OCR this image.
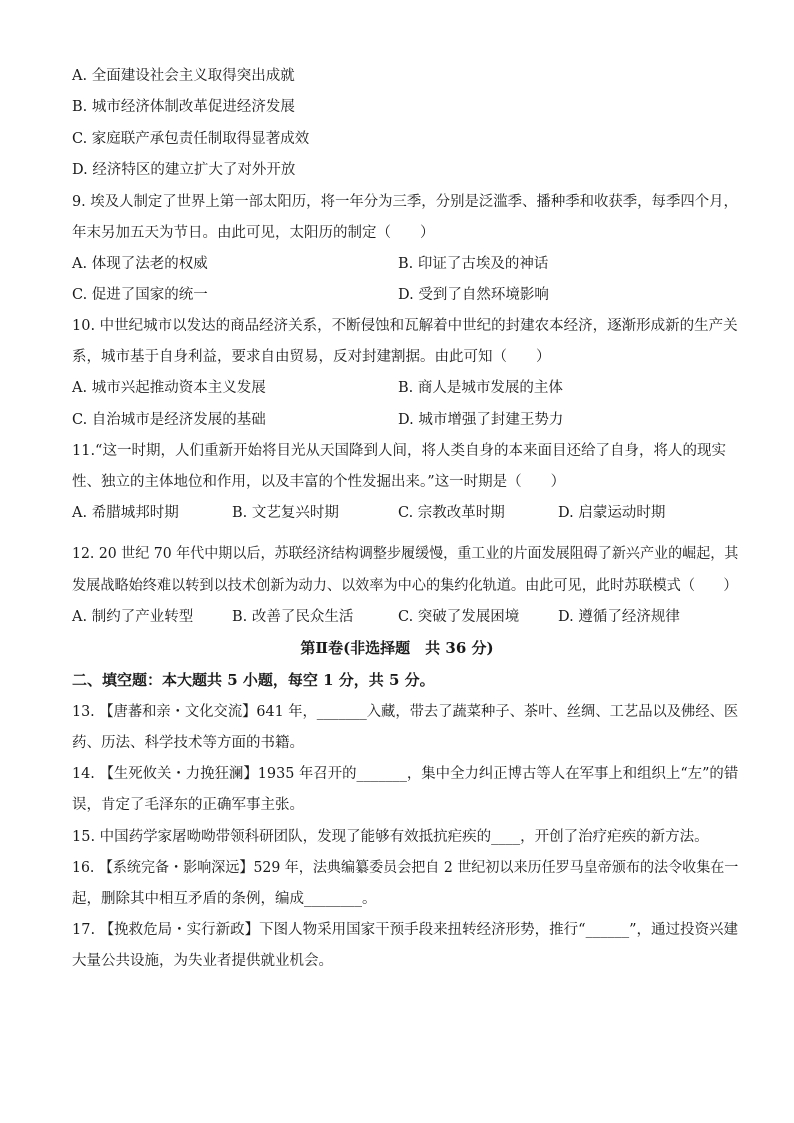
A. 全面建设社会主义取得突出成就
B. 城市经济体制改革促进经济发展
C. 家庭联产承包责任制取得显著成效
D. 经济特区的建立扩大了对外开放
9. 埃及人制定了世界上第一部太阳历，将一年分为三季，分别是泛滥季、播种季和收获季，每季四个月，
年末另加五天为节日。由此可见，太阳历的制定（　　）
A. 体现了法老的权威	B. 印证了古埃及的神话
C. 促进了国家的统一	D. 受到了自然环境影响
10. 中世纪城市以发达的商品经济关系，不断侵蚀和瓦解着中世纪的封建农本经济，逐渐形成新的生产关
系，城市基于自身利益，要求自由贸易，反对封建割据。由此可知（　　）
A. 城市兴起推动资本主义发展	B. 商人是城市发展的主体
C. 自治城市是经济发展的基础	D. 城市增强了封建王势力
11.“这一时期，人们重新开始将目光从天国降到人间，将人类自身的本来面目还给了自身，将人的现实
性、独立的主体地位和作用，以及丰富的个性发掘出来。”这一时期是（　　）
A. 希腊城邦时期	B. 文艺复兴时期	C. 宗教改革时期	D. 启蒙运动时期
12. 20 世纪 70 年代中期以后，苏联经济结构调整步履缓慢，重工业的片面发展阻碍了新兴产业的崛起，其
发展战略始终难以转到以技术创新为动力、以效率为中心的集约化轨道。由此可见，此时苏联模式（　　）
A. 制约了产业转型	B. 改善了民众生活	C. 突破了发展困境	D. 遵循了经济规律
第Ⅱ卷(非选择题　共 36 分)
二、填空题：本大题共 5 小题，每空 1 分，共 5 分。
13. 【唐蕃和亲・文化交流】641 年，_______入藏，带去了蔬菜种子、茶叶、丝绸、工艺品以及佛经、医
药、历法、科学技术等方面的书籍。
14. 【生死攸关・力挽狂澜】1935 年召开的_______，集中全力纠正博古等人在军事上和组织上“左”的错
误，肯定了毛泽东的正确军事主张。
15. 中国药学家屠呦呦带领科研团队，发现了能够有效抵抗疟疾的____，开创了治疗疟疾的新方法。
16. 【系统完备・影响深远】529 年，法典编纂委员会把自 2 世纪初以来历任罗马皇帝颁布的法令收集在一
起，删除其中相互矛盾的条例，编成________。
17. 【挽救危局・实行新政】下图人物采用国家干预手段来扭转经济形势，推行“______”，通过投资兴建
大量公共设施，为失业者提供就业机会。
